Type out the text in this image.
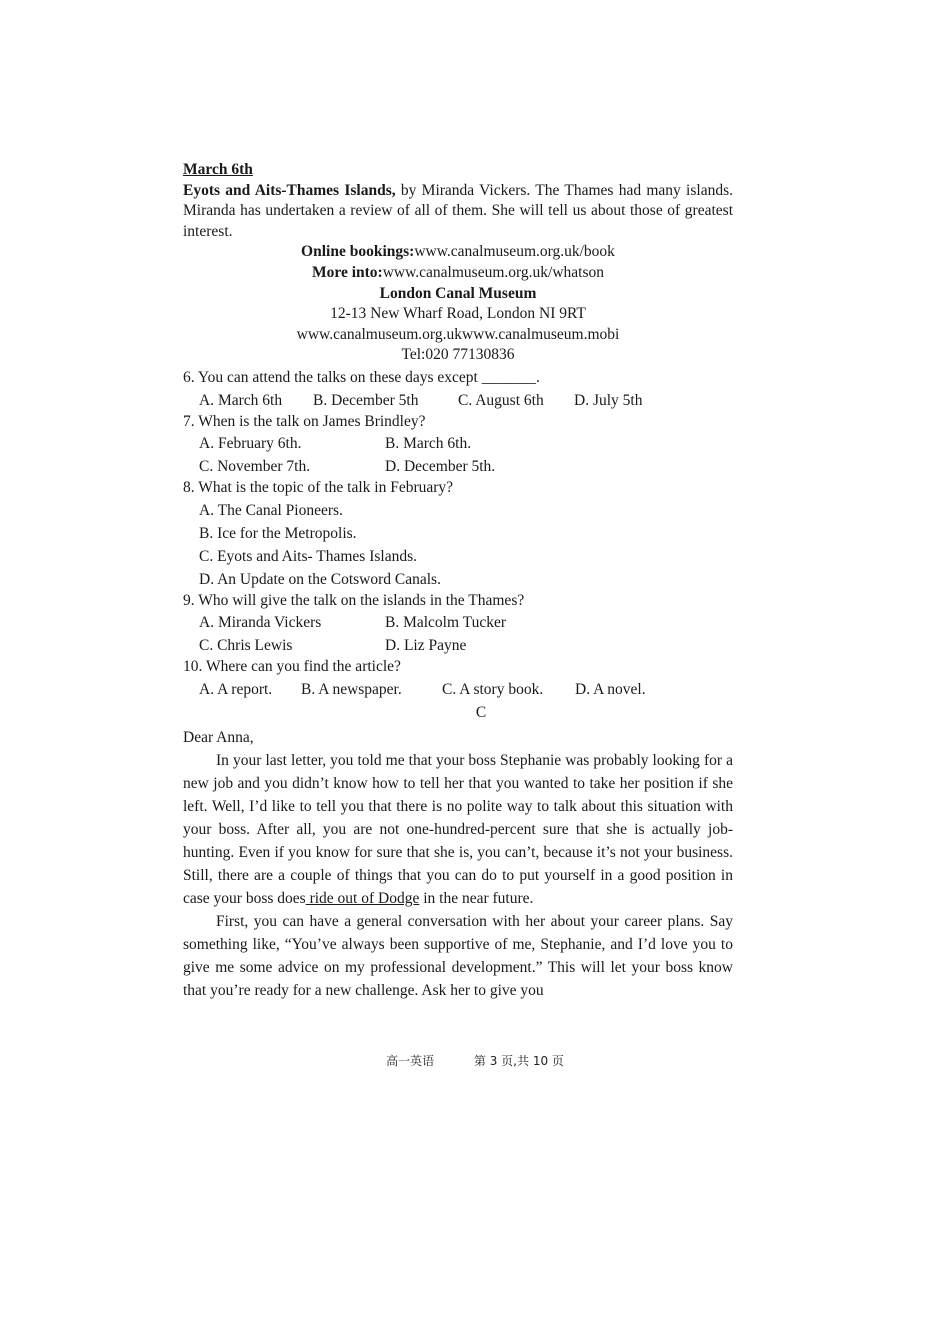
March 6th
Eyots and Aits-Thames Islands, by Miranda Vickers. The Thames had many islands. Miranda has undertaken a review of all of them. She will tell us about those of greatest interest.
Online bookings:www.canalmuseum.org.uk/book
More into:www.canalmuseum.org.uk/whatson
London Canal Museum
12-13 New Wharf Road, London NI 9RT
www.canalmuseum.org.ukwww.canalmuseum.mobi
Tel:020 77130836
6. You can attend the talks on these days except _______.
A. March 6th	B. December 5th	C. August 6th	D. July 5th
7. When is the talk on James Brindley?
A. February 6th.	B. March 6th.
C. November 7th.	D. December 5th.
8. What is the topic of the talk in February?
A. The Canal Pioneers.
B. Ice for the Metropolis.
C. Eyots and Aits- Thames Islands.
D. An Update on the Cotsword Canals.
9. Who will give the talk on the islands in the Thames?
A. Miranda Vickers	B. Malcolm Tucker
C. Chris Lewis	D. Liz Payne
10. Where can you find the article?
A. A report.	B. A newspaper.	C. A story book.	D. A novel.
C
Dear Anna,
In your last letter, you told me that your boss Stephanie was probably looking for a new job and you didn’t know how to tell her that you wanted to take her position if she left. Well, I’d like to tell you that there is no polite way to talk about this situation with your boss. After all, you are not one-hundred-percent sure that she is actually job-hunting. Even if you know for sure that she is, you can’t, because it’s not your business. Still, there are a couple of things that you can do to put yourself in a good position in case your boss does ride out of Dodge in the near future.
First, you can have a general conversation with her about your career plans. Say something like, “You’ve always been supportive of me, Stephanie, and I’d love you to give me some advice on my professional development.” This will let your boss know that you’re ready for a new challenge. Ask her to give you
高一英语	第 3 页,共 10 页
